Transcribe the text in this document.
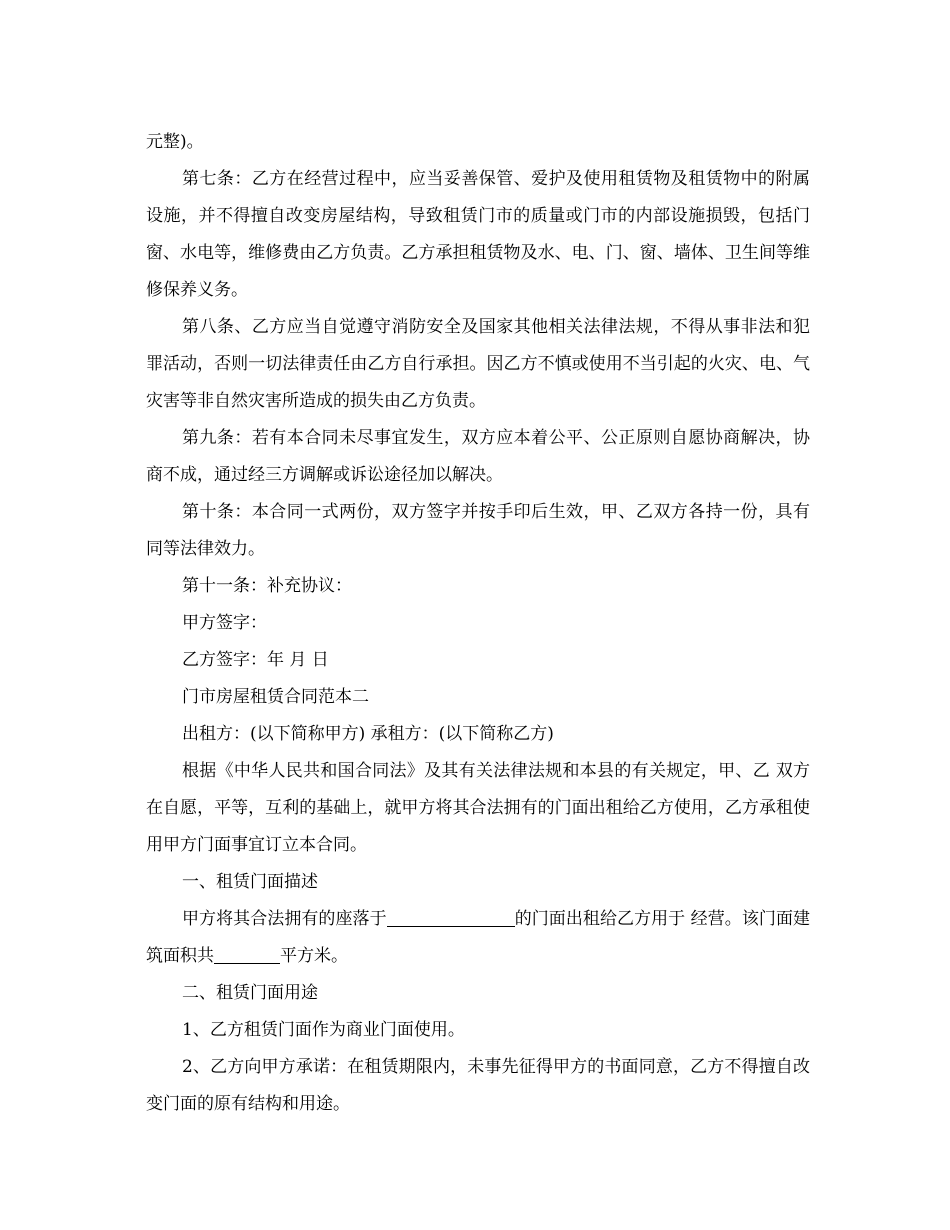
元整)。

第七条：乙方在经营过程中，应当妥善保管、爱护及使用租赁物及租赁物中的附属设施，并不得擅自改变房屋结构，导致租赁门市的质量或门市的内部设施损毁，包括门窗、水电等，维修费由乙方负责。乙方承担租赁物及水、电、门、窗、墙体、卫生间等维修保养义务。

第八条、乙方应当自觉遵守消防安全及国家其他相关法律法规，不得从事非法和犯罪活动，否则一切法律责任由乙方自行承担。因乙方不慎或使用不当引起的火灾、电、气灾害等非自然灾害所造成的损失由乙方负责。

第九条：若有本合同未尽事宜发生，双方应本着公平、公正原则自愿协商解决，协商不成，通过经三方调解或诉讼途径加以解决。

第十条：本合同一式两份，双方签字并按手印后生效，甲、乙双方各持一份，具有同等法律效力。

第十一条：补充协议：

甲方签字：

乙方签字：年 月 日

门市房屋租赁合同范本二

出租方：(以下简称甲方) 承租方：(以下简称乙方)

根据《中华人民共和国合同法》及其有关法律法规和本县的有关规定，甲、乙 双方在自愿，平等，互利的基础上，就甲方将其合法拥有的门面出租给乙方使用，乙方承租使用甲方门面事宜订立本合同。

一、租赁门面描述

甲方将其合法拥有的座落于	的门面出租给乙方用于 经营。该门面建筑面积共	平方米。

二、租赁门面用途

1、乙方租赁门面作为商业门面使用。

2、乙方向甲方承诺：在租赁期限内，未事先征得甲方的书面同意，乙方不得擅自改变门面的原有结构和用途。
